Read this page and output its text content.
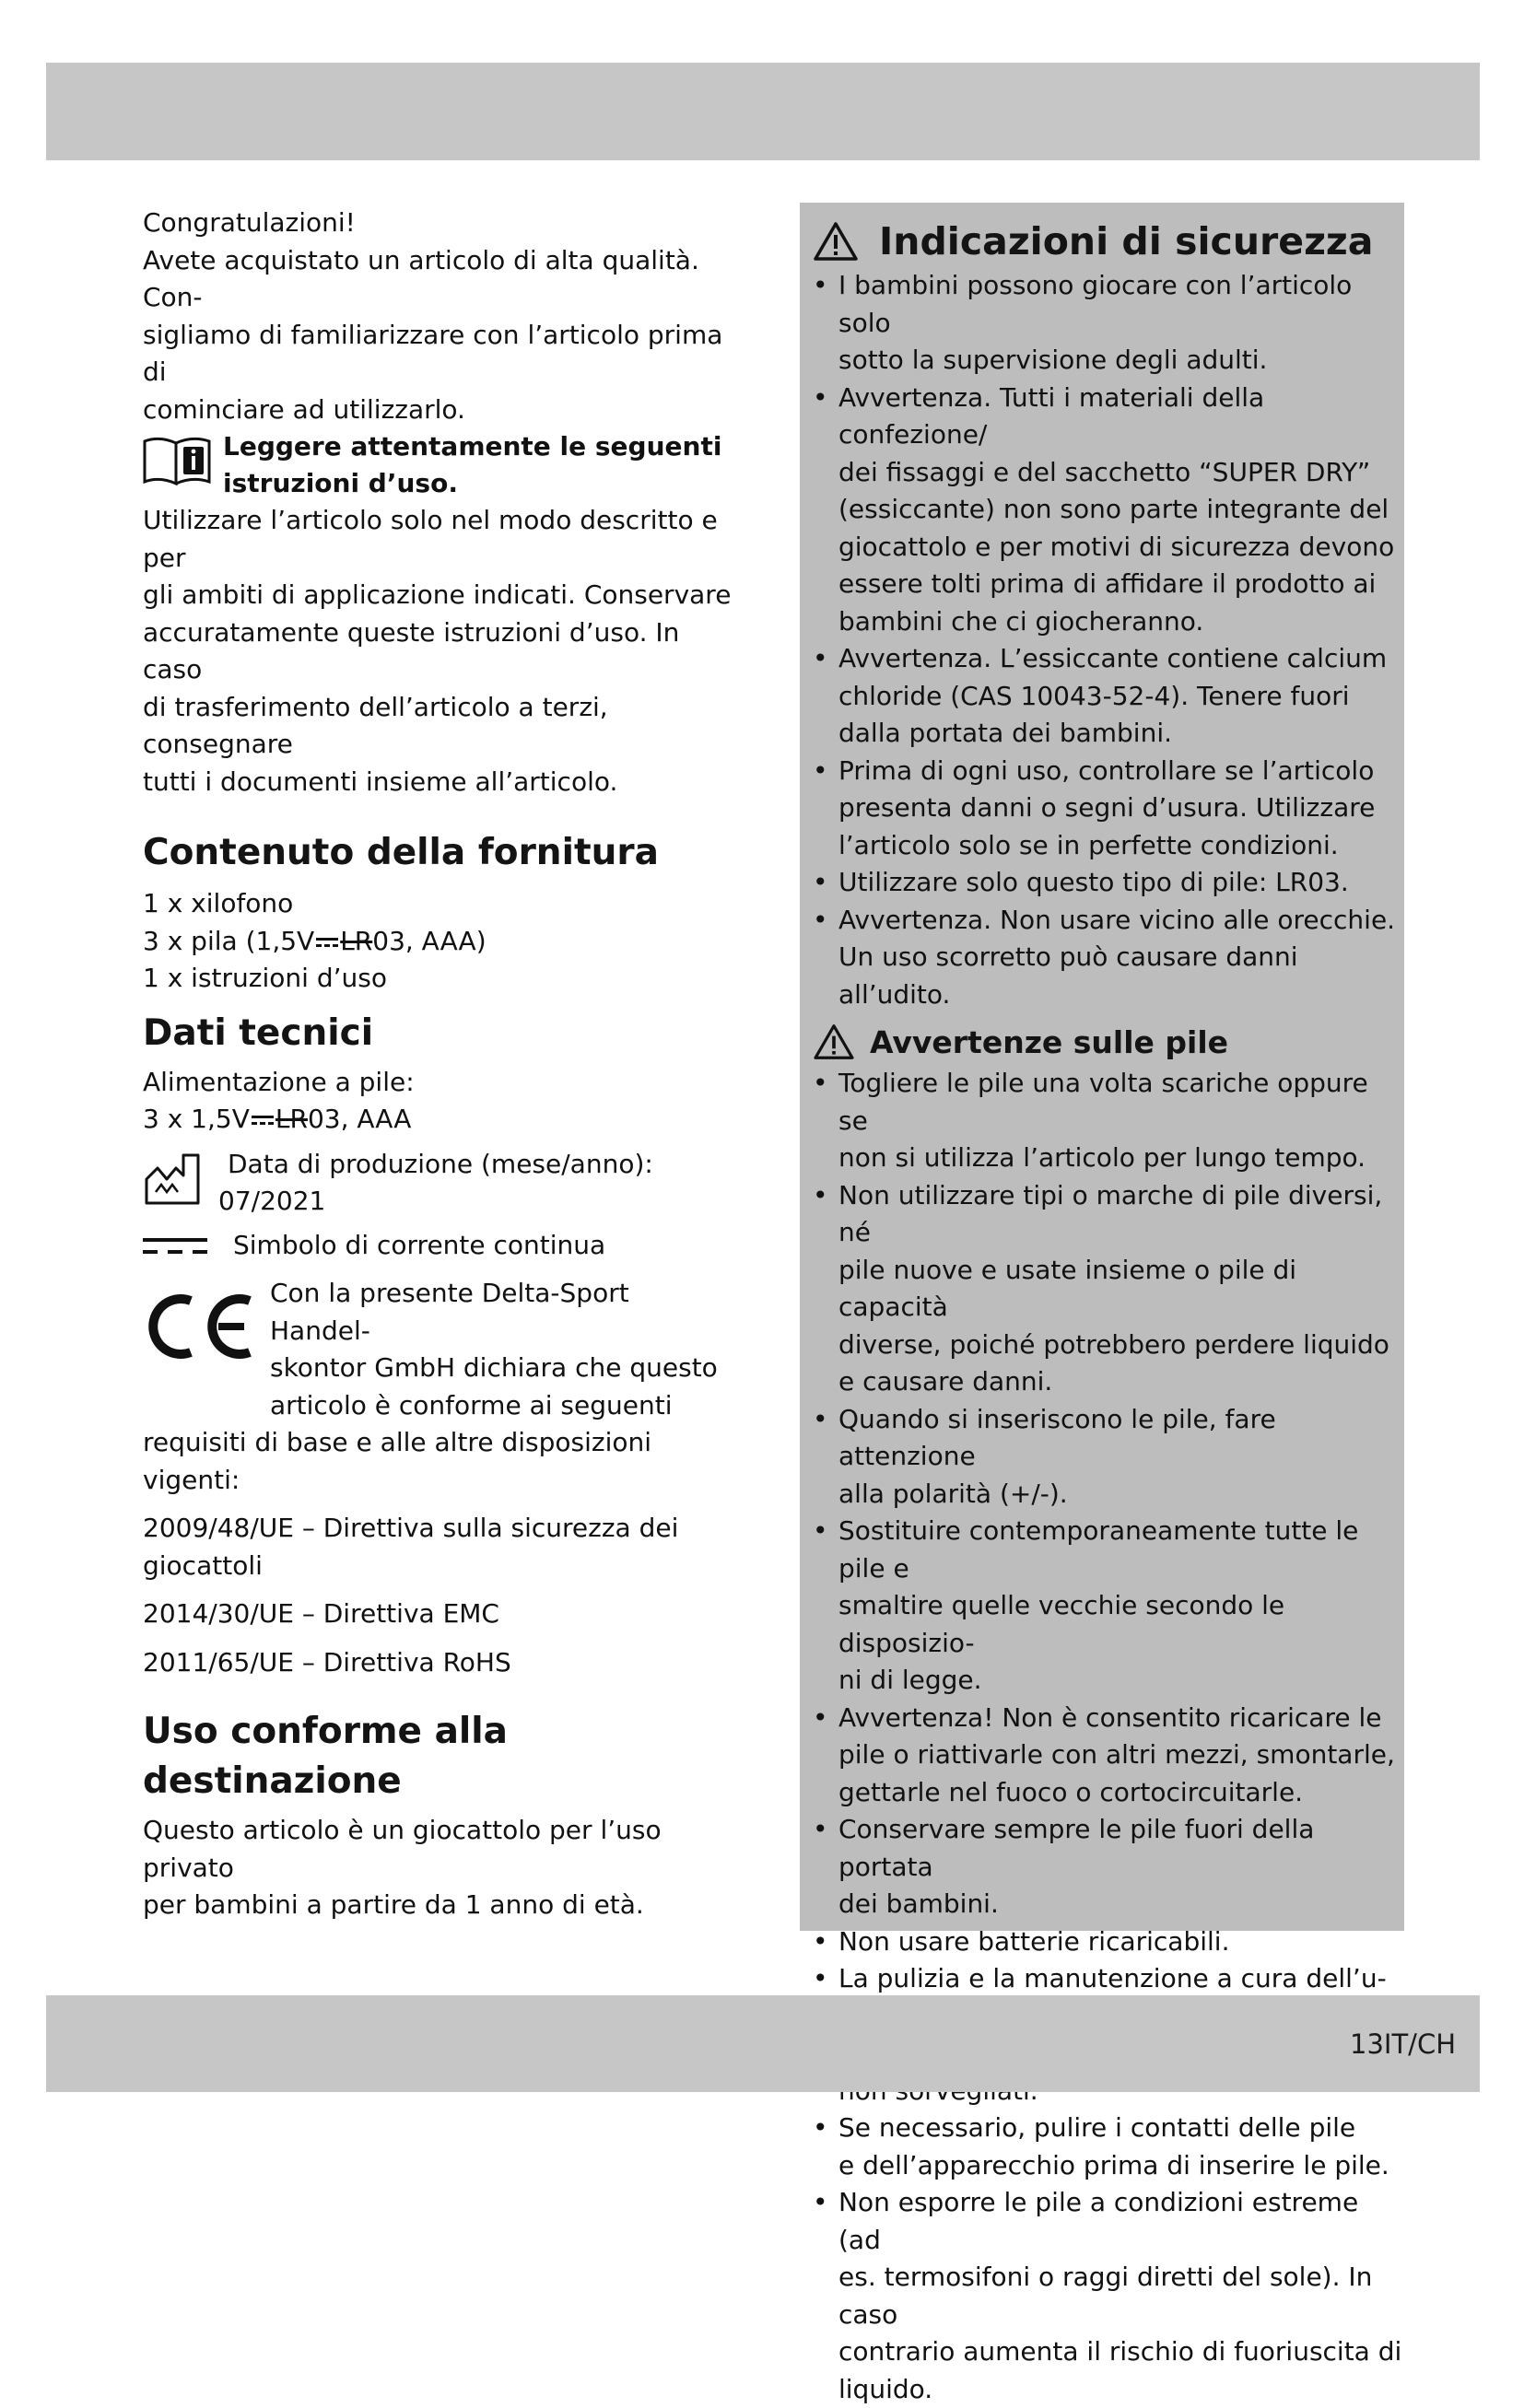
Congratulazioni!

Avete acquistato un articolo di alta qualità. Con-
sigliamo di familiarizzare con l’articolo prima di
cominciare ad utilizzarlo.

Leggere attentamente le seguenti
istruzioni d’uso.

Utilizzare l’articolo solo nel modo descritto e per
gli ambiti di applicazione indicati. Conservare
accuratamente queste istruzioni d’uso. In caso
di trasferimento dell’articolo a terzi, consegnare
tutti i documenti insieme all’articolo.

Contenuto della fornitura

1 x xilofono

3 x pila (1,5V LR03, AAA)

1 x istruzioni d’uso

Dati tecnici

Alimentazione a pile:

3 x 1,5V LR03, AAA

Data di produzione (mese/anno):
07/2021
Simbolo di corrente continua
Con la presente Delta-Sport Handel-
skontor GmbH dichiara che questo
articolo è conforme ai seguenti

requisiti di base e alle altre disposizioni vigenti:

2009/48/UE – Direttiva sulla sicurezza dei
giocattoli

2014/30/UE – Direttiva EMC

2011/65/UE – Direttiva RoHS

Uso conforme alla
destinazione

Questo articolo è un giocattolo per l’uso privato
per bambini a partire da 1 anno di età.

Indicazioni di sicurezza
• I bambini possono giocare con l’articolo solo
sotto la supervisione degli adulti.
• Avvertenza. Tutti i materiali della confezione/
dei fissaggi e del sacchetto “SUPER DRY”
(essiccante) non sono parte integrante del
giocattolo e per motivi di sicurezza devono
essere tolti prima di affidare il prodotto ai
bambini che ci giocheranno.
• Avvertenza. L’essiccante contiene calcium
chloride (CAS 10043-52-4). Tenere fuori
dalla portata dei bambini.
• Prima di ogni uso, controllare se l’articolo
presenta danni o segni d’usura. Utilizzare
l’articolo solo se in perfette condizioni.
• Utilizzare solo questo tipo di pile: LR03.
• Avvertenza. Non usare vicino alle orecchie.
Un uso scorretto può causare danni all’udito.
Avvertenze sulle pile
• Togliere le pile una volta scariche oppure se
non si utilizza l’articolo per lungo tempo.
• Non utilizzare tipi o marche di pile diversi, né
pile nuove e usate insieme o pile di capacità
diverse, poiché potrebbero perdere liquido
e causare danni.
• Quando si inseriscono le pile, fare attenzione
alla polarità (+/-).
• Sostituire contemporaneamente tutte le pile e
smaltire quelle vecchie secondo le disposizio-
ni di legge.
• Avvertenza! Non è consentito ricaricare le
pile o riattivarle con altri mezzi, smontarle,
gettarle nel fuoco o cortocircuitarle.
• Conservare sempre le pile fuori della portata
dei bambini.
• Non usare batterie ricaricabili.
• La pulizia e la manutenzione a cura dell’u-

• Se necessario, pulire i contatti delle pile
e dell’apparecchio prima di inserire le pile.
• Non esporre le pile a condizioni estreme (ad
es. termosifoni o raggi diretti del sole). In caso
contrario aumenta il rischio di fuoriuscita di
liquido.
13IT/CH
